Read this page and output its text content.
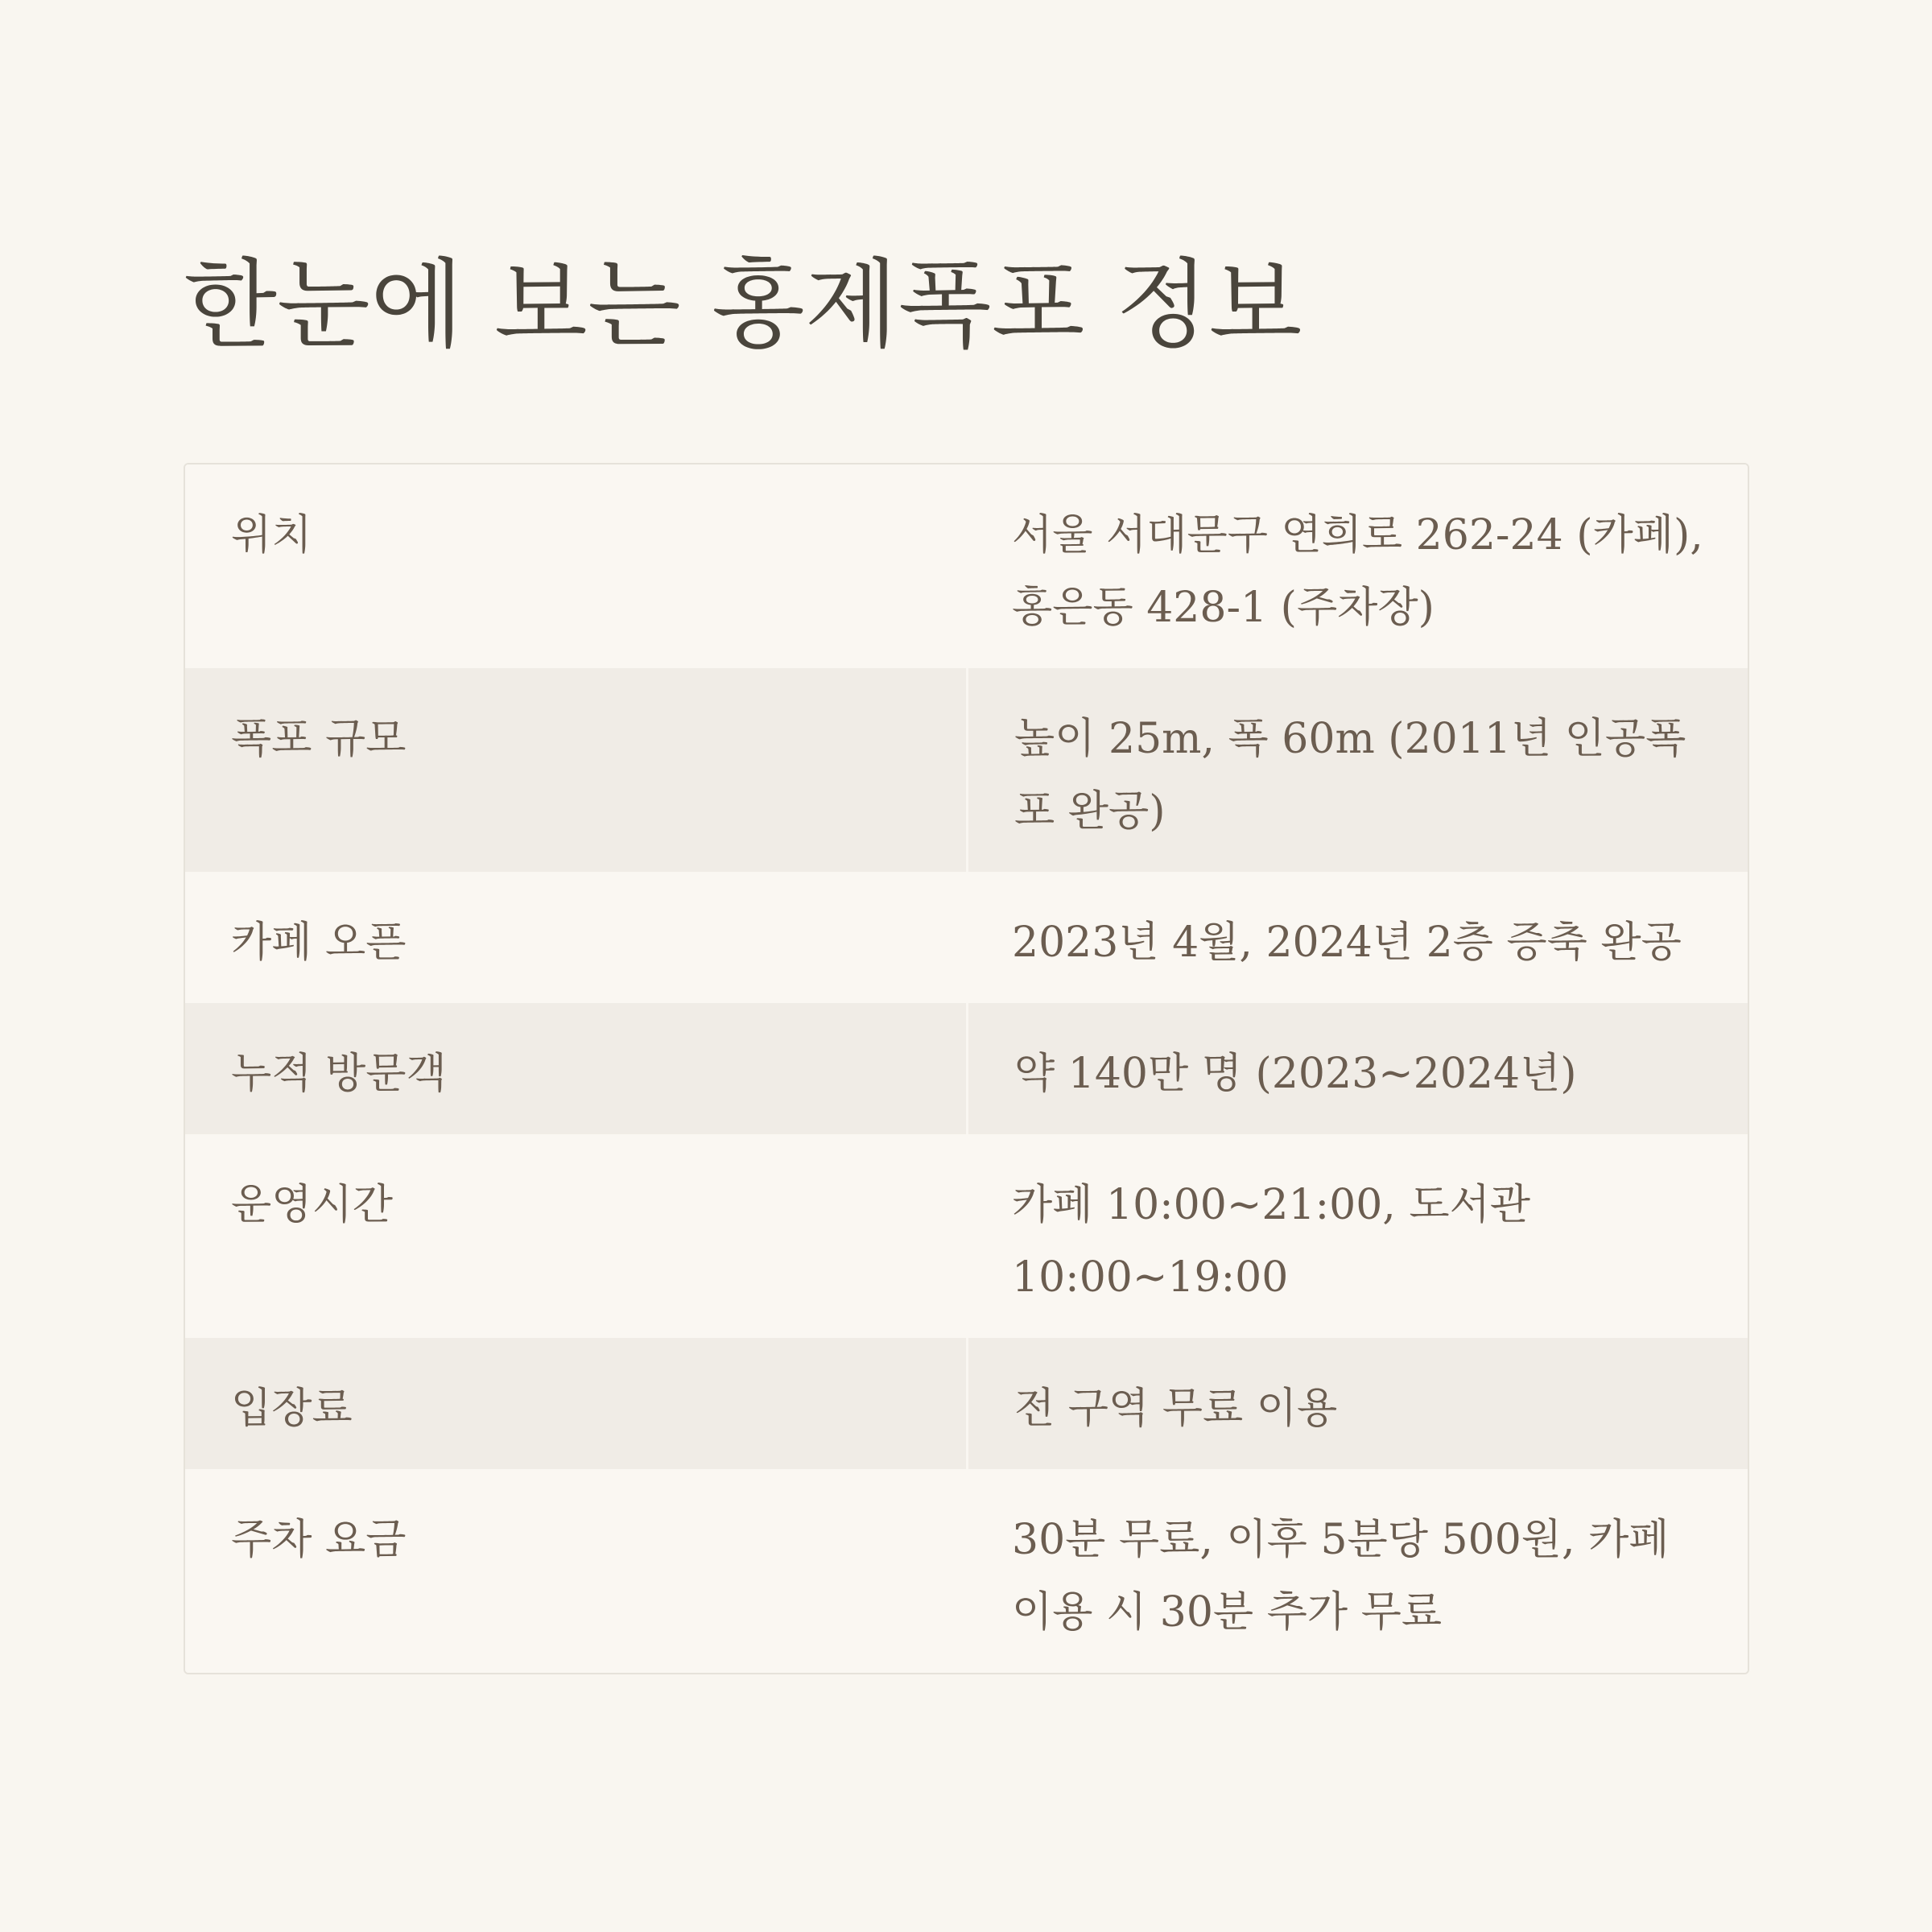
한눈에 보는 홍제폭포 정보
위치	서울 서대문구 연희로 262-24 (카페), 홍은동 428-1 (주차장)
폭포 규모	높이 25m, 폭 60m (2011년 인공폭포 완공)
카페 오픈	2023년 4월, 2024년 2층 증축 완공
누적 방문객	약 140만 명 (2023~2024년)
운영시간	카페 10:00~21:00, 도서관 10:00~19:00
입장료	전 구역 무료 이용
주차 요금	30분 무료, 이후 5분당 500원, 카페 이용 시 30분 추가 무료
